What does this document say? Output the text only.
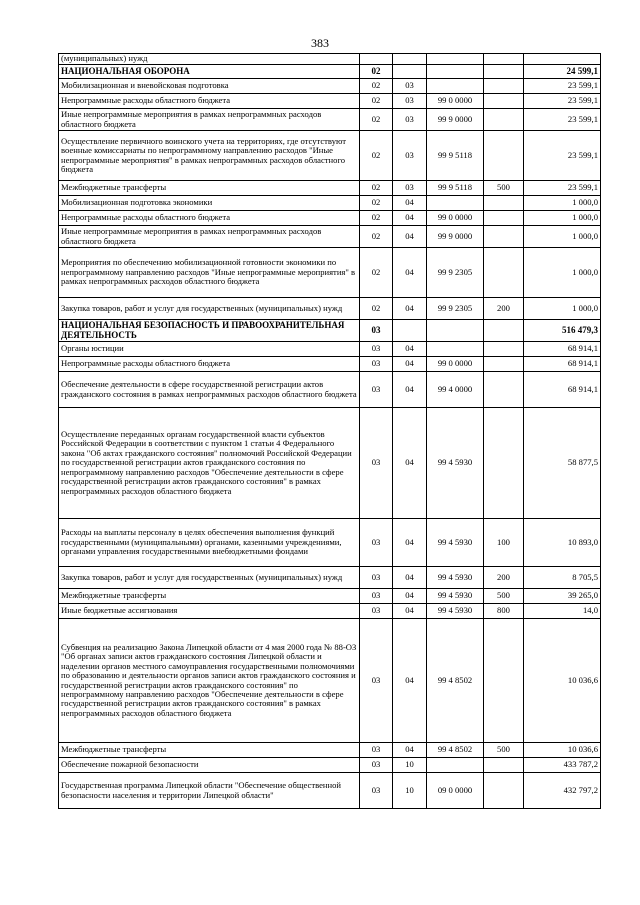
383
(муниципальных) нужд					
НАЦИОНАЛЬНАЯ ОБОРОНА	02				24 599,1
Мобилизационная и вневойсковая подготовка	02	03			23 599,1
Непрограммные расходы областного бюджета	02	03	99 0 0000		23 599,1
Иные непрограммные мероприятия в рамках непрограммных расходов областного бюджета	02	03	99 9 0000		23 599,1
Осуществление первичного воинского учета на территориях, где отсутствуют военные комиссариаты по непрограммному направлению расходов "Иные непрограммные мероприятия" в рамках непрограммных расходов областного бюджета	02	03	99 9 5118		23 599,1
Межбюджетные трансферты	02	03	99 9 5118	500	23 599,1
Мобилизационная подготовка экономики	02	04			1 000,0
Непрограммные расходы областного бюджета	02	04	99 0 0000		1 000,0
Иные непрограммные мероприятия в рамках непрограммных расходов областного бюджета	02	04	99 9 0000		1 000,0
Мероприятия по обеспечению мобилизационной готовности экономики по непрограммному направлению расходов "Иные непрограммные мероприятия" в рамках непрограммных расходов областного бюджета	02	04	99 9 2305		1 000,0
Закупка товаров, работ и услуг для государственных (муниципальных) нужд	02	04	99 9 2305	200	1 000,0
НАЦИОНАЛЬНАЯ БЕЗОПАСНОСТЬ И ПРАВООХРАНИТЕЛЬНАЯ ДЕЯТЕЛЬНОСТЬ	03				516 479,3
Органы юстиции	03	04			68 914,1
Непрограммные расходы областного бюджета	03	04	99 0 0000		68 914,1
Обеспечение деятельности в сфере государственной регистрации актов гражданского состояния в рамках непрограммных расходов областного бюджета	03	04	99 4 0000		68 914,1
Осуществление переданных органам государственной власти субъектов Российской Федерации в соответствии с пунктом 1 статьи 4 Федерального закона "Об актах гражданского состояния" полномочий Российской Федерации по государственной регистрации актов гражданского состояния по непрограммному направлению расходов "Обеспечение деятельности в сфере государственной регистрации актов гражданского состояния" в рамках непрограммных расходов областного бюджета	03	04	99 4 5930		58 877,5
Расходы на выплаты персоналу в целях обеспечения выполнения функций государственными (муниципальными) органами, казенными учреждениями, органами управления государственными внебюджетными фондами	03	04	99 4 5930	100	10 893,0
Закупка товаров, работ и услуг для государственных (муниципальных) нужд	03	04	99 4 5930	200	8 705,5
Межбюджетные трансферты	03	04	99 4 5930	500	39 265,0
Иные бюджетные ассигнования	03	04	99 4 5930	800	14,0
Субвенция на реализацию Закона Липецкой области от 4 мая 2000 года № 88-ОЗ "Об органах записи актов гражданского состояния Липецкой области и наделении органов местного самоуправления государственными полномочиями по образованию и деятельности органов записи актов гражданского состояния и государственной регистрации актов гражданского состояния" по непрограммному направлению расходов "Обеспечение деятельности в сфере государственной регистрации актов гражданского состояния" в рамках непрограммных расходов областного бюджета	03	04	99 4 8502		10 036,6
Межбюджетные трансферты	03	04	99 4 8502	500	10 036,6
Обеспечение пожарной безопасности	03	10			433 787,2
Государственная программа Липецкой области "Обеспечение общественной безопасности населения и территории Липецкой области"	03	10	09 0 0000		432 797,2
